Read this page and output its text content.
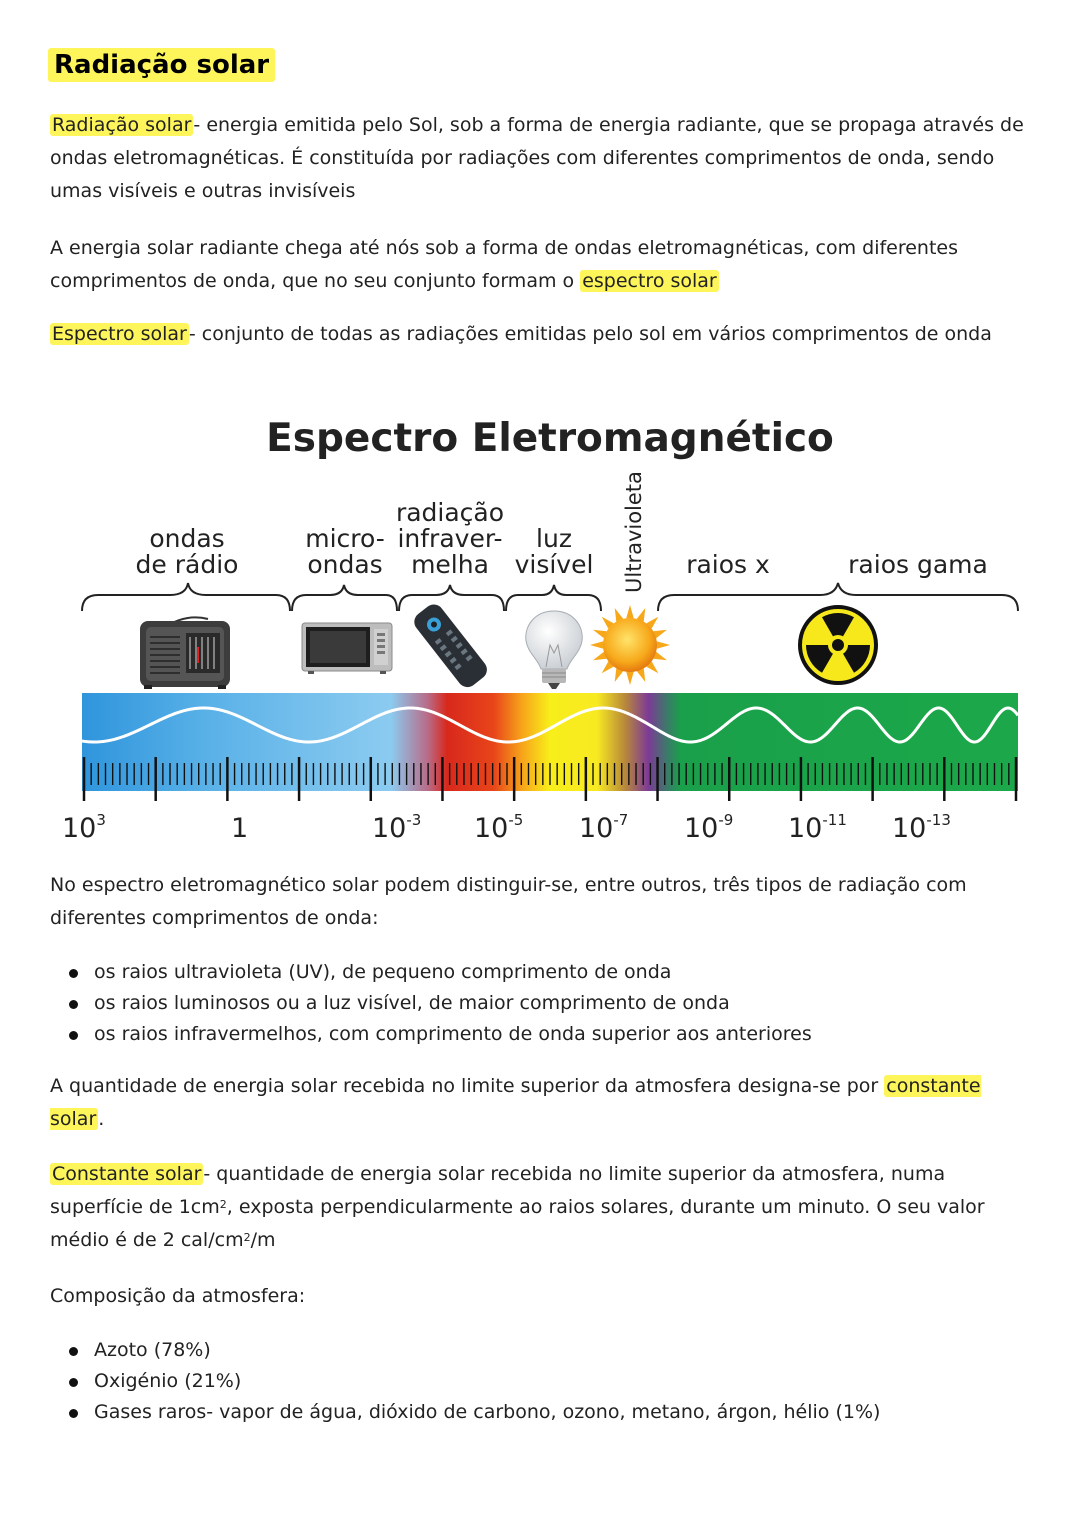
Radiação solar
Radiação solar - energia emitida pelo Sol, sob a forma de energia radiante, que se propaga através de ondas eletromagnéticas. É constituída por radiações com diferentes comprimentos de onda, sendo umas visíveis e outras invisíveis
A energia solar radiante chega até nós sob a forma de ondas eletromagnéticas, com diferentes comprimentos de onda, que no seu conjunto formam o espectro solar
Espectro solar - conjunto de todas as radiações emitidas pelo sol em vários comprimentos de onda
Espectro Eletromagnético
ondas
de rádio
micro-
ondas
radiação
infraver-
melha
luz
visível Ultravioleta raios x	raios gama
$10^3$	1	$10^{-3}$ $10^{-5}$ $10^{-7}$ $10^{-9}$ $10^{-11}$ $10^{-13}$
No espectro eletromagnético solar podem distinguir-se, entre outros, três tipos de radiação com diferentes comprimentos de onda:
os raios ultravioleta (UV), de pequeno comprimento de onda
os raios luminosos ou a luz visível, de maior comprimento de onda
os raios infravermelhos, com comprimento de onda superior aos anteriores
A quantidade de energia solar recebida no limite superior da atmosfera designa-se por constante solar .
Constante solar - quantidade de energia solar recebida no limite superior da atmosfera, numa superfície de $1cm^2$, exposta perpendicularmente ao raios solares, durante um minuto. O seu valor médio é de 2 cal/$cm^2/m$
Composição da atmosfera:
Azoto (78%)
Oxigénio (21%)
Gases raros- vapor de água, dióxido de carbono, ozono, metano, árgon, hélio (1%)
